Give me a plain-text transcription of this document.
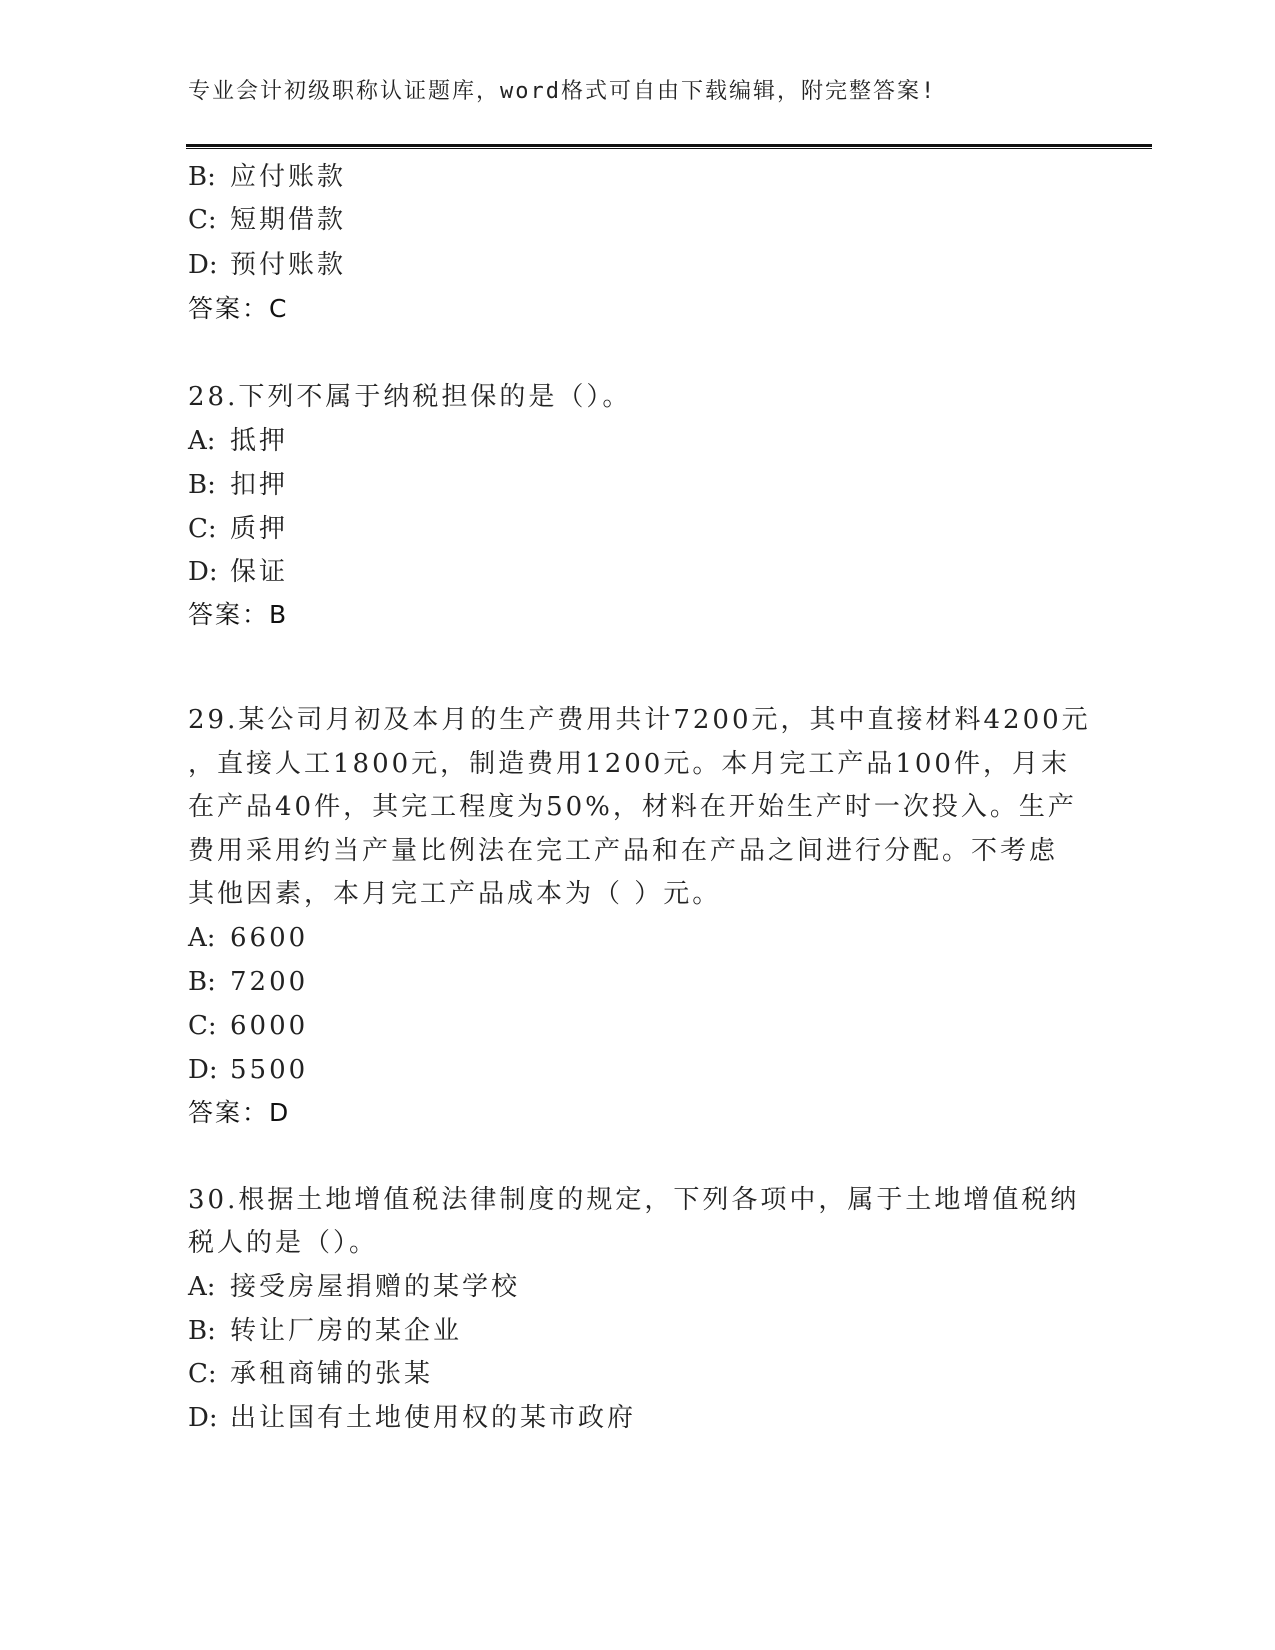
专业会计初级职称认证题库，word格式可自由下载编辑，附完整答案!
B: 应付账款
C: 短期借款
D: 预付账款
答案：C
28.下列不属于纳税担保的是（）。
A: 抵押
B: 扣押
C: 质押
D: 保证
答案：B
29.某公司月初及本月的生产费用共计7200元，其中直接材料4200元
，直接人工1800元，制造费用1200元。本月完工产品100件，月末
在产品40件，其完工程度为50%，材料在开始生产时一次投入。生产
费用采用约当产量比例法在完工产品和在产品之间进行分配。不考虑
其他因素，本月完工产品成本为（ ）元。
A: 6600
B: 7200
C: 6000
D: 5500
答案：D
30.根据土地增值税法律制度的规定，下列各项中，属于土地增值税纳
税人的是（）。
A: 接受房屋捐赠的某学校
B: 转让厂房的某企业
C: 承租商铺的张某
D: 出让国有土地使用权的某市政府
